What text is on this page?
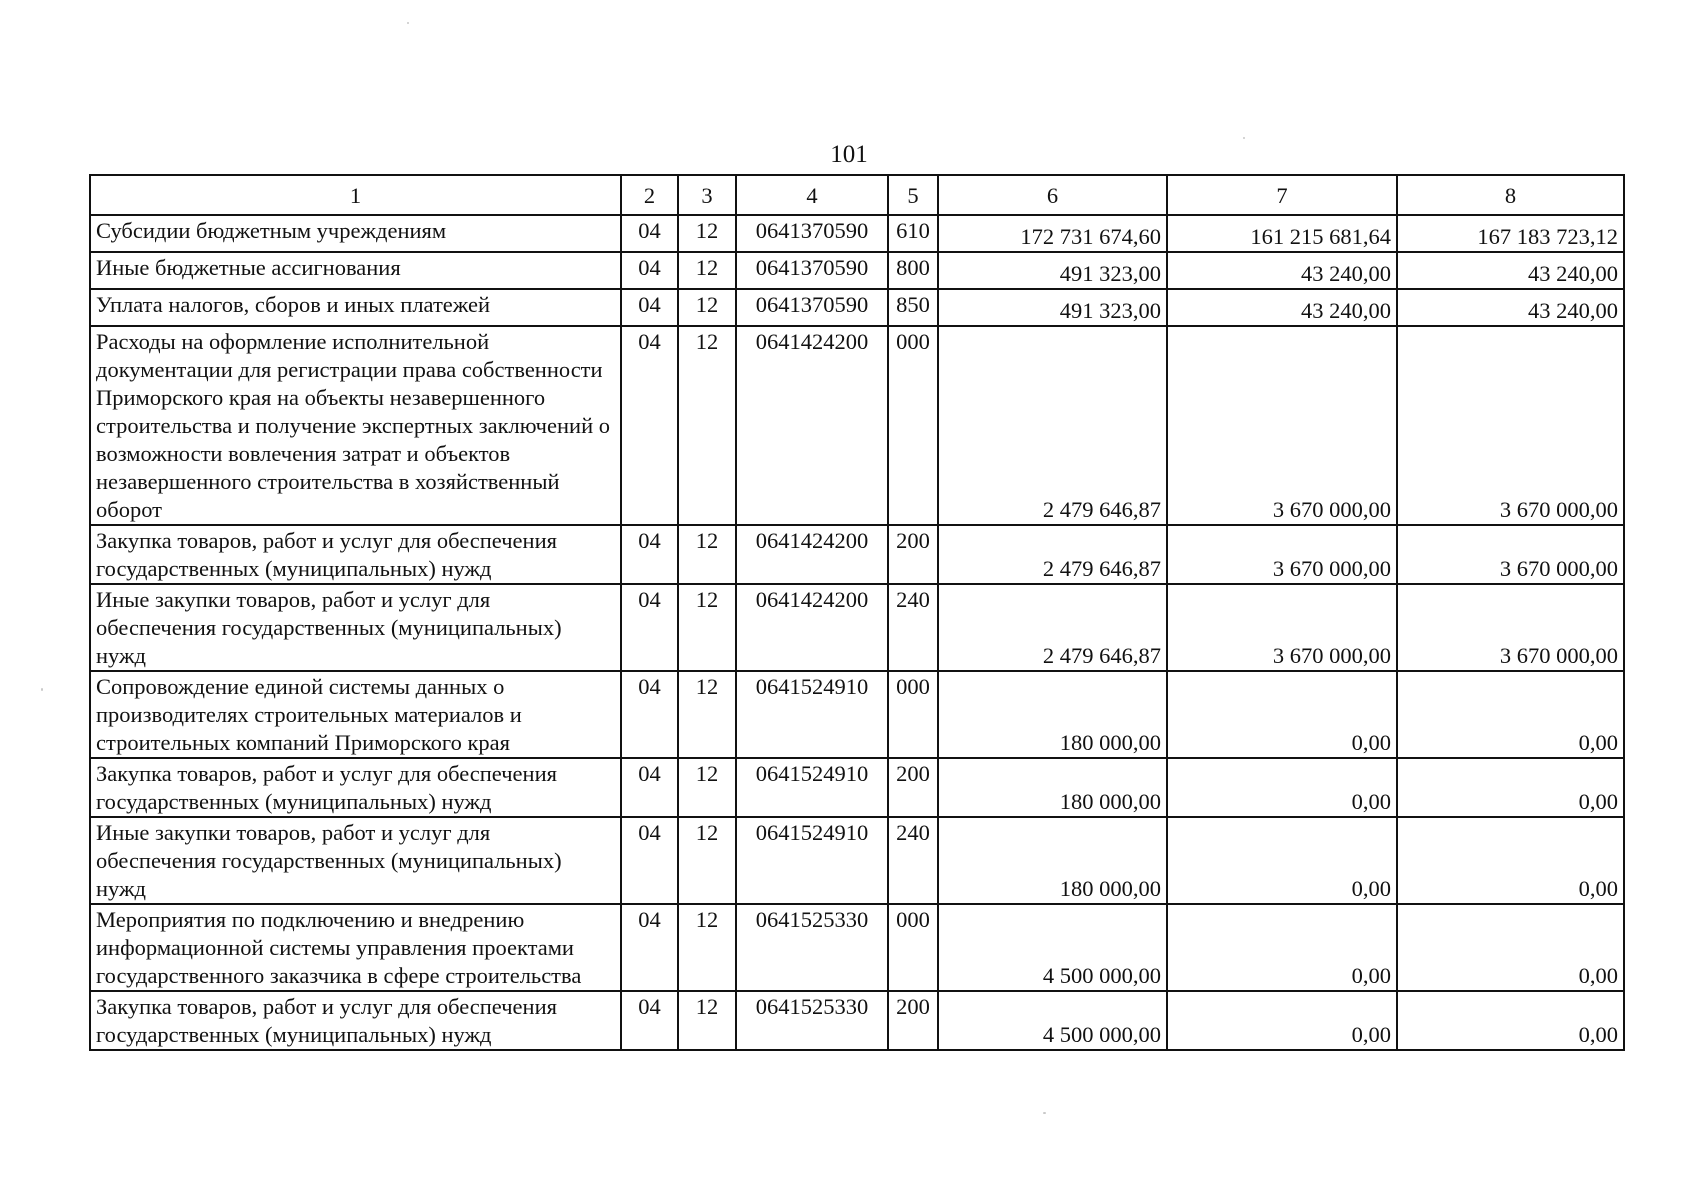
101
1	2	3	4	5	6	7	8
Субсидии бюджетным учреждениям	04	12	0641370590	610	172 731 674,60	161 215 681,64	167 183 723,12
Иные бюджетные ассигнования	04	12	0641370590	800	491 323,00	43 240,00	43 240,00
Уплата налогов, сборов и иных платежей	04	12	0641370590	850	491 323,00	43 240,00	43 240,00
Расходы на оформление исполнительной документации для регистрации права собственности Приморского края на объекты незавершенного строительства и получение экспертных заключений о возможности вовлечения затрат и объектов незавершенного строительства в хозяйственный оборот	04	12	0641424200	000	2 479 646,87	3 670 000,00	3 670 000,00
Закупка товаров, работ и услуг для обеспечения государственных (муниципальных) нужд	04	12	0641424200	200	2 479 646,87	3 670 000,00	3 670 000,00
Иные закупки товаров, работ и услуг для обеспечения государственных (муниципальных) нужд	04	12	0641424200	240	2 479 646,87	3 670 000,00	3 670 000,00
Сопровождение единой системы данных о производителях строительных материалов и строительных компаний Приморского края	04	12	0641524910	000	180 000,00	0,00	0,00
Закупка товаров, работ и услуг для обеспечения государственных (муниципальных) нужд	04	12	0641524910	200	180 000,00	0,00	0,00
Иные закупки товаров, работ и услуг для обеспечения государственных (муниципальных) нужд	04	12	0641524910	240	180 000,00	0,00	0,00
Мероприятия по подключению и внедрению информационной системы управления проектами государственного заказчика в сфере строительства	04	12	0641525330	000	4 500 000,00	0,00	0,00
Закупка товаров, работ и услуг для обеспечения государственных (муниципальных) нужд	04	12	0641525330	200	4 500 000,00	0,00	0,00
